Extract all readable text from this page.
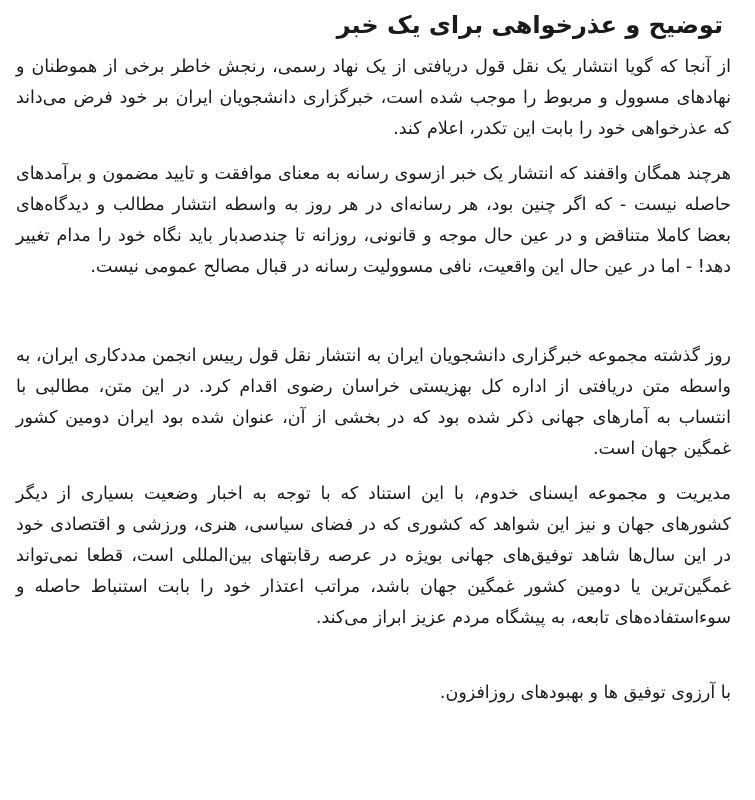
توضیح و عذرخواهی برای یک خبر

از آنجا که گویا انتشار یک نقل قول دریافتی از یک نهاد رسمی، رنجش خاطر برخی از هموطنان و نهادهای مسوول و مربوط را موجب شده است، خبرگزاری دانشجویان ایران بر خود فرض می‌داند که عذرخواهی خود را بابت این تکدر، اعلام کند.

هرچند همگان واقفند که انتشار یک خبر ازسوی رسانه به معنای موافقت و تایید مضمون و برآمدهای حاصله نیست - که اگر چنین بود، هر رسانه‌ای در هر روز به واسطه انتشار مطالب و دیدگاه‌های بعضا کاملا متناقض و در عین حال موجه و قانونی، روزانه تا چندصدبار باید نگاه خود را مدام تغییر دهد! - اما در عین حال این واقعیت، نافی مسوولیت رسانه در قبال مصالح عمومی نیست.

روز گذشته مجموعه خبرگزاری دانشجویان ایران به انتشار نقل قول رییس انجمن مددکاری ایران، به واسطه متن دریافتی از اداره کل بهزیستی خراسان رضوی اقدام کرد. در این متن، مطالبی با انتساب به آمارهای جهانی ذکر شده بود که در بخشی از آن، عنوان شده بود ایران دومین کشور غمگین جهان است.

مدیریت و مجموعه ایسنای خدوم، با این استناد که با توجه به اخبار وضعیت بسیاری از دیگر کشورهای جهان و نیز این شواهد که کشوری که در فضای سیاسی، هنری، ورزشی و اقتصادی خود در این سال‌ها شاهد توفیق‌های جهانی بویژه در عرصه رقابتهای بین‌المللی است، قطعا نمی‌تواند غمگین‌ترین یا دومین کشور غمگین جهان باشد، مراتب اعتذار خود را بابت استنباط حاصله و سوءاستفاده‌های تابعه، به پیشگاه مردم عزیز ابراز می‌کند.

با آرزوی توفیق ها و بهبودهای روزافزون.
